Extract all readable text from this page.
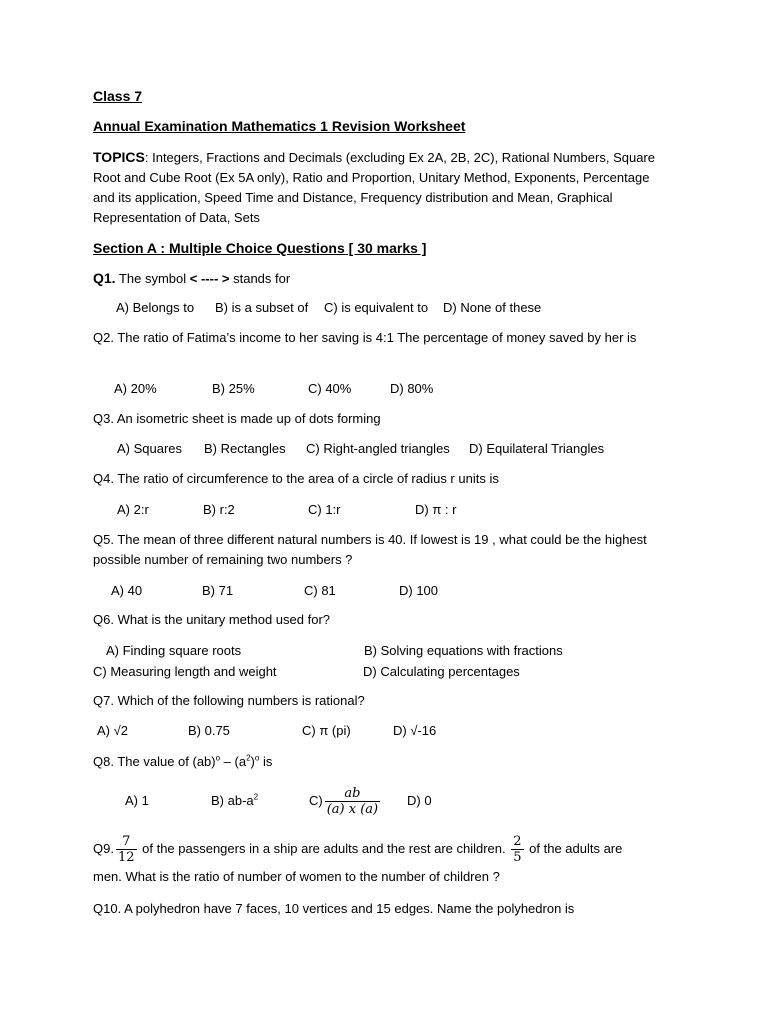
Class 7
Annual Examination Mathematics 1 Revision Worksheet
TOPICS: Integers, Fractions and Decimals (excluding Ex 2A, 2B, 2C), Rational Numbers, Square Root and Cube Root (Ex 5A only), Ratio and Proportion, Unitary Method, Exponents, Percentage and its application, Speed Time and Distance, Frequency distribution and Mean, Graphical Representation of Data, Sets
Section A : Multiple Choice Questions [ 30 marks ]
Q1. The symbol < ---- > stands for
A) Belongs to B) is a subset of C) is equivalent to D) None of these
Q2. The ratio of Fatima’s income to her saving is 4:1 The percentage of money saved by her is
A) 20%	B) 25%	C) 40%	D) 80%
Q3. An isometric sheet is made up of dots forming
A) Squares B) Rectangles C) Right-angled triangles D) Equilateral Triangles
Q4. The ratio of circumference to the area of a circle of radius r units is
A) 2:r	B) r:2	C) 1:r	D) π : r
Q5. The mean of three different natural numbers is 40. If lowest is 19 , what could be the highest possible number of remaining two numbers ?
A) 40	B) 71	C) 81	D) 100
Q6. What is the unitary method used for?
A) Finding square roots	B) Solving equations with fractions
C) Measuring length and weight	D) Calculating percentages
Q7. Which of the following numbers is rational?
A) √2	B) 0.75	C) π (pi)	D) √-16
Q8. The value of $(ab)^o - (a^2)^o$ is
A) 1	B) $ab-a^2$	$C) \frac{ab}{(a) x (a)} D$) 0
Q9. $\frac{7}{12}$ of the passengers in a ship are adults and the rest are children. $\frac{2}{5}$ of the adults are
men. What is the ratio of number of women to the number of children ?
Q10. A polyhedron have 7 faces, 10 vertices and 15 edges. Name the polyhedron is
